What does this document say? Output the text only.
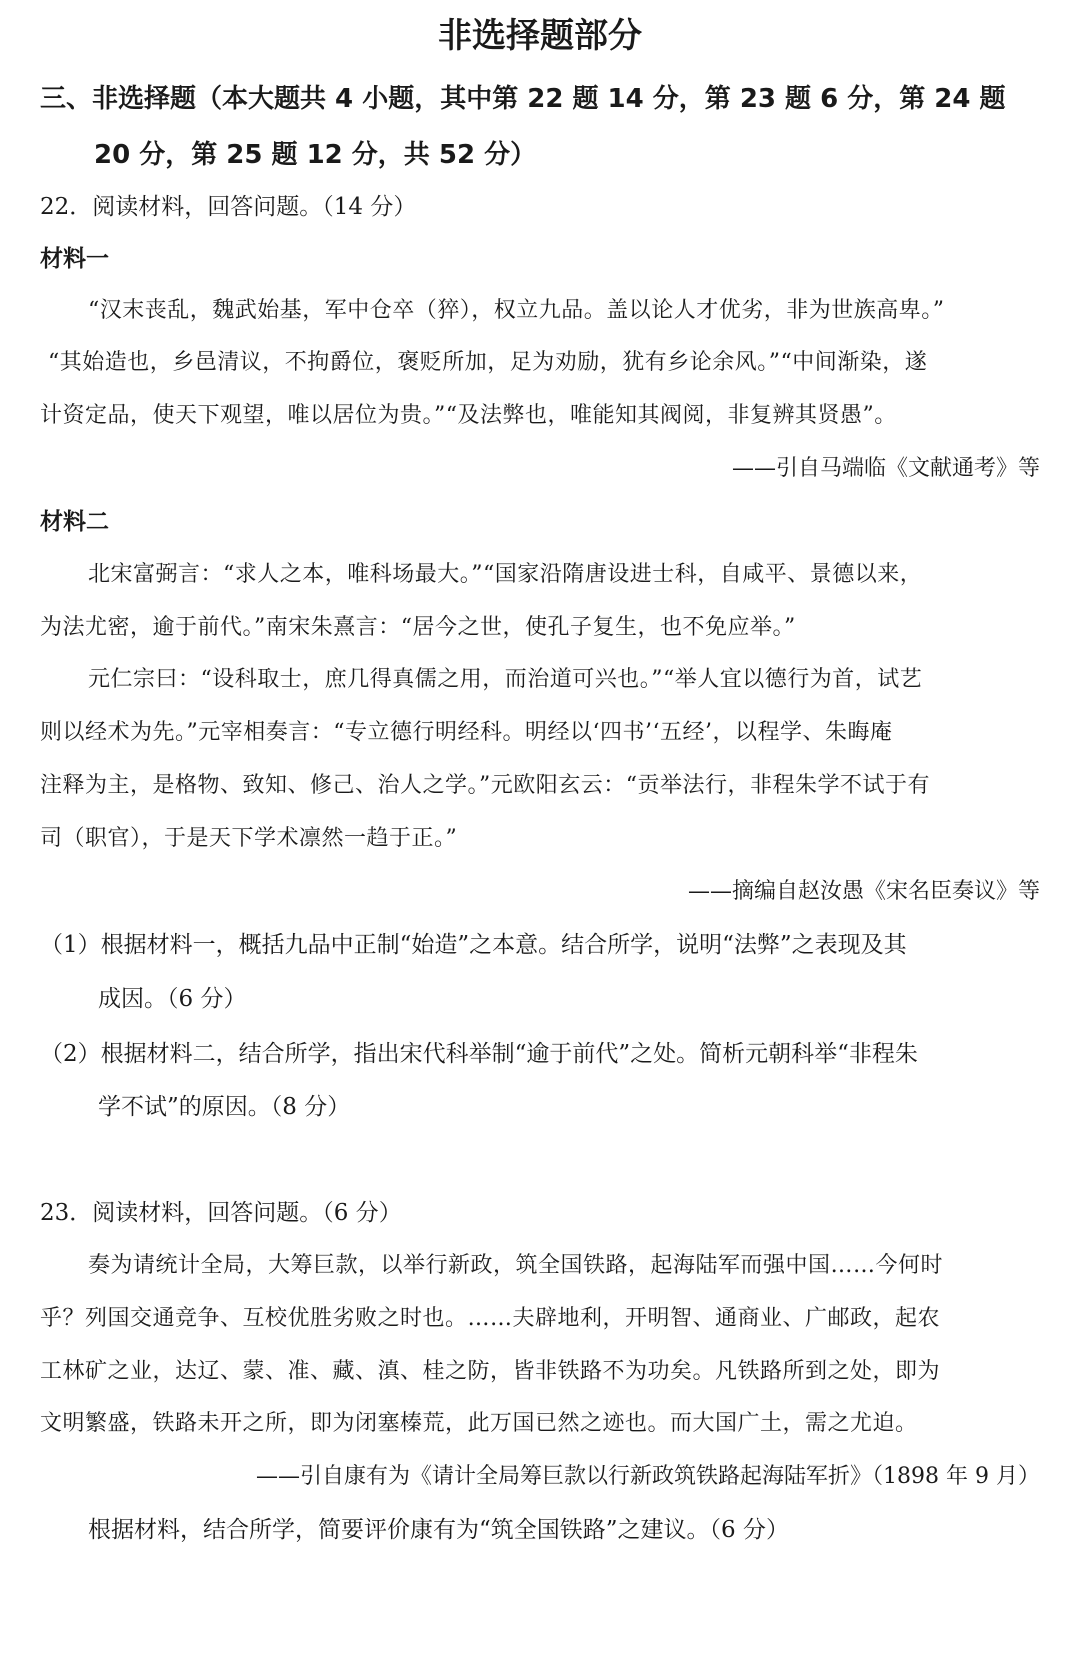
非选择题部分
三、非选择题（本大题共 4 小题，其中第 22 题 14 分，第 23 题 6 分，第 24 题
20 分，第 25 题 12 分，共 52 分）
22．阅读材料，回答问题。（14 分）
材料一
“汉末丧乱，魏武始基，军中仓卒（猝），权立九品。盖以论人才优劣，非为世族高卑。”
“其始造也，乡邑清议，不拘爵位，褒贬所加，足为劝励，犹有乡论余风。”“中间渐染，遂
计资定品，使天下观望，唯以居位为贵。”“及法弊也，唯能知其阀阅，非复辨其贤愚”。
——引自马端临《文献通考》等
材料二
北宋富弼言：“求人之本，唯科场最大。”“国家沿隋唐设进士科，自咸平、景德以来，
为法尤密，逾于前代。”南宋朱熹言：“居今之世，使孔子复生，也不免应举。”
元仁宗曰：“设科取士，庶几得真儒之用，而治道可兴也。”“举人宜以德行为首，试艺
则以经术为先。”元宰相奏言：“专立德行明经科。明经以‘四书’‘五经’，以程学、朱晦庵
注释为主，是格物、致知、修己、治人之学。”元欧阳玄云：“贡举法行，非程朱学不试于有
司（职官），于是天下学术凛然一趋于正。”
——摘编自赵汝愚《宋名臣奏议》等
（1）根据材料一，概括九品中正制“始造”之本意。结合所学，说明“法弊”之表现及其
成因。（6 分）
（2）根据材料二，结合所学，指出宋代科举制“逾于前代”之处。简析元朝科举“非程朱
学不试”的原因。（8 分）
23．阅读材料，回答问题。（6 分）
奏为请统计全局，大筹巨款，以举行新政，筑全国铁路，起海陆军而强中国……今何时
乎？列国交通竞争、互校优胜劣败之时也。……夫辟地利，开明智、通商业、广邮政，起农
工林矿之业，达辽、蒙、准、藏、滇、桂之防，皆非铁路不为功矣。凡铁路所到之处，即为
文明繁盛，铁路未开之所，即为闭塞榛荒，此万国已然之迹也。而大国广土，需之尤迫。
——引自康有为《请计全局筹巨款以行新政筑铁路起海陆军折》（1898 年 9 月）
根据材料，结合所学，简要评价康有为“筑全国铁路”之建议。（6 分）
